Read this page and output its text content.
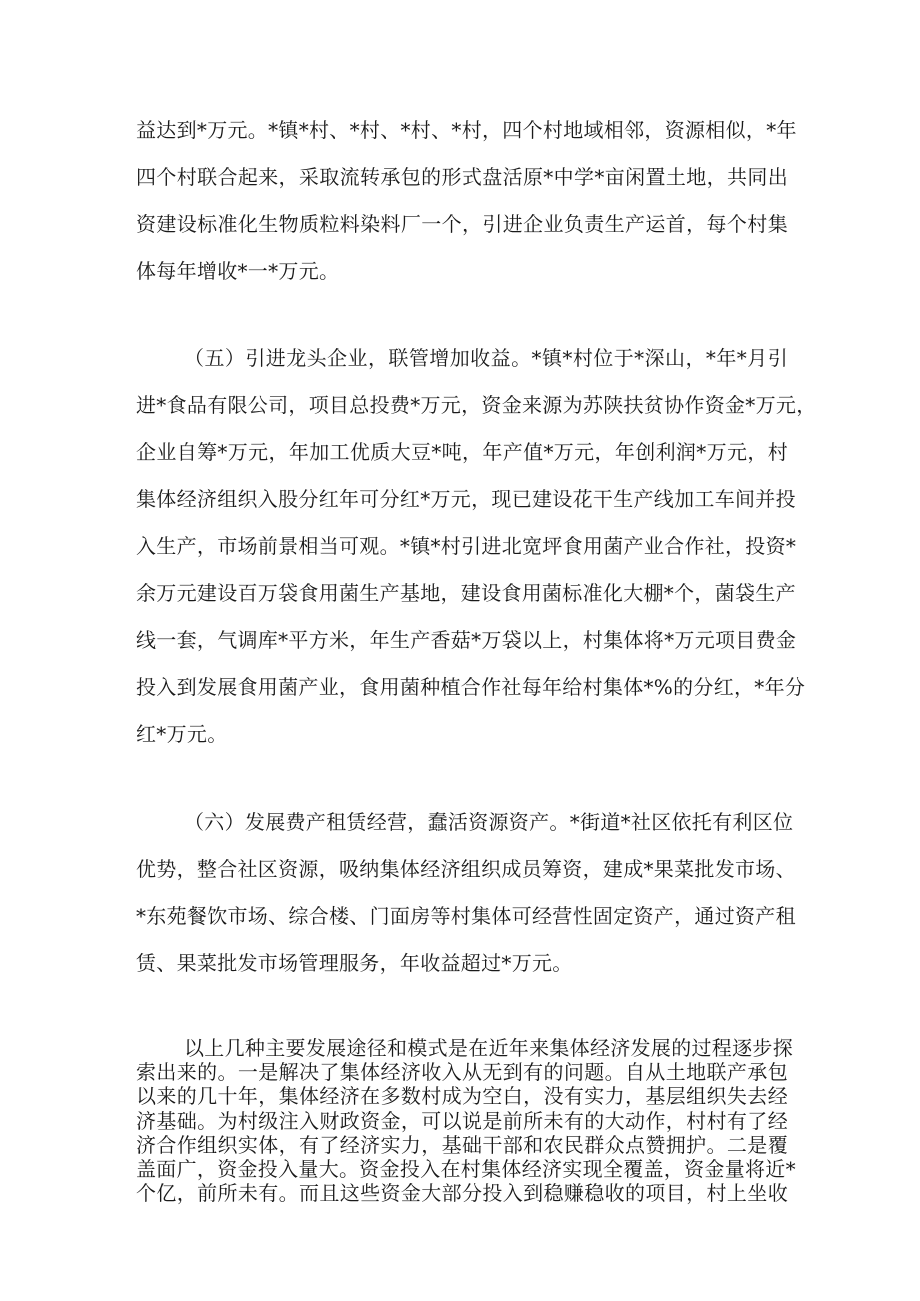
益达到*万元。*镇*村、*村、*村、*村，四个村地域相邻，资源相似，*年
四个村联合起来，采取流转承包的形式盘活原*中学*亩闲置土地，共同出
资建设标准化生物质粒料染料厂一个，引进企业负责生产运首，每个村集
体每年增收*一*万元。
（五）引进龙头企业，联管增加收益。*镇*村位于*深山，*年*月引
进*食品有限公司，项目总投费*万元，资金来源为苏陕扶贫协作资金*万元，
企业自筹*万元，年加工优质大豆*吨，年产值*万元，年创利润*万元，村
集体经济组织入股分红年可分红*万元，现已建设花干生产线加工车间并投
入生产，市场前景相当可观。*镇*村引进北宽坪食用菌产业合作社，投资*
余万元建设百万袋食用菌生产基地，建设食用菌标准化大棚*个，菌袋生产
线一套，气调库*平方米，年生产香菇*万袋以上，村集体将*万元项目费金
投入到发展食用菌产业，食用菌种植合作社每年给村集体*%的分红，*年分
红*万元。
（六）发展费产租赁经营，蠢活资源资产。*街道*社区依托有利区位
优势，整合社区资源，吸纳集体经济组织成员筹资，建成*果菜批发市场、
*东苑餐饮市场、综合楼、门面房等村集体可经营性固定资产，通过资产租
赁、果菜批发市场管理服务，年收益超过*万元。
以上几种主要发展途径和模式是在近年来集体经济发展的过程逐步探
索出来的。一是解决了集体经济收入从无到有的问题。自从土地联产承包
以来的几十年，集体经济在多数村成为空白，没有实力，基层组织失去经
济基础。为村级注入财政资金，可以说是前所未有的大动作，村村有了经
济合作组织实体，有了经济实力，基础干部和农民群众点赞拥护。二是覆
盖面广，资金投入量大。资金投入在村集体经济实现全覆盖，资金量将近*
个亿，前所未有。而且这些资金大部分投入到稳赚稳收的项目，村上坐收
